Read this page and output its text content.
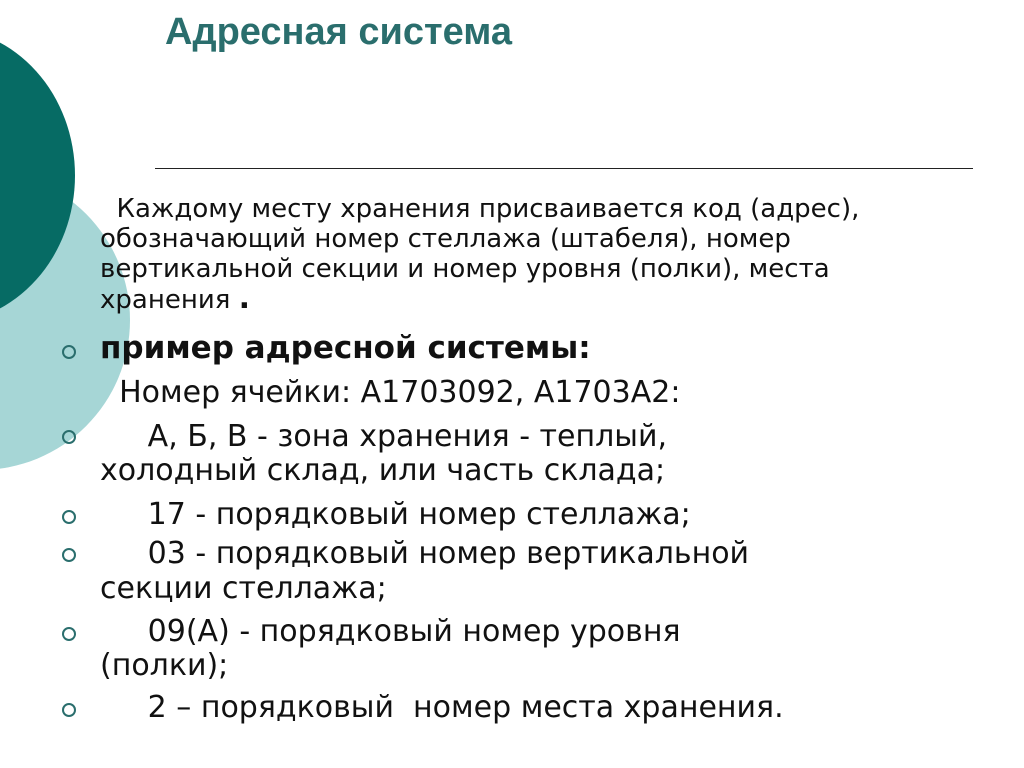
Адресная система
Каждому месту хранения присваивается код (адрес),
обозначающий номер стеллажа (штабеля), номер
вертикальной секции и номер уровня (полки), места
хранения .
пример адресной системы:
Номер ячейки: А1703092, А1703А2:
А, Б, В - зона хранения - теплый,
холодный склад, или часть склада;
17 - порядковый номер стеллажа;
03 - порядковый номер вертикальной
секции стеллажа;
09(А) - порядковый номер уровня
(полки);
2 – порядковый  номер места хранения.
